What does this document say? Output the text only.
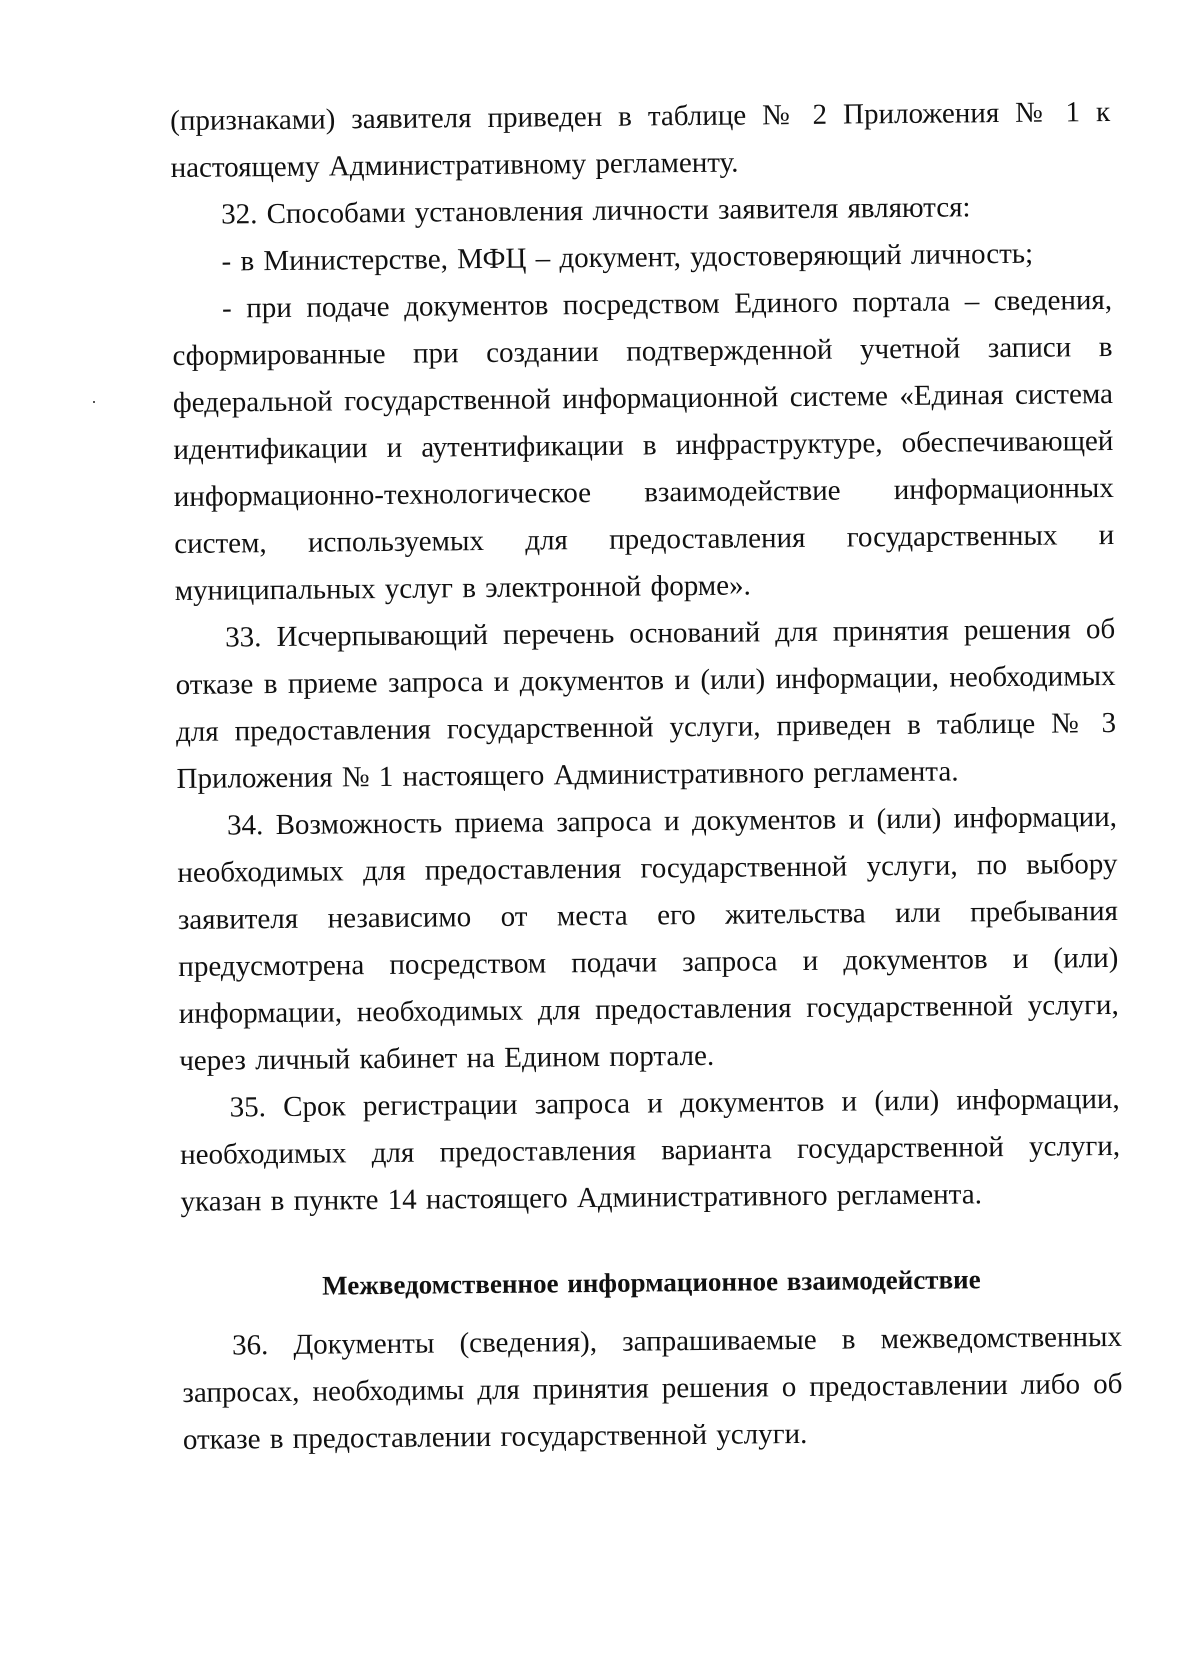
(признаками) заявителя приведен в таблице № 2 Приложения № 1 к настоящему Административному регламенту.

32. Способами установления личности заявителя являются:

- в Министерстве, МФЦ – документ, удостоверяющий личность;

- при подаче документов посредством Единого портала – сведения, сформированные при создании подтвержденной учетной записи в федеральной государственной информационной системе «Единая система идентификации и аутентификации в инфраструктуре, обеспечивающей информационно-технологическое взаимодействие информационных систем, используемых для предоставления государственных и муниципальных услуг в электронной форме».

33. Исчерпывающий перечень оснований для принятия решения об отказе в приеме запроса и документов и (или) информации, необходимых для предоставления государственной услуги, приведен в таблице № 3 Приложения № 1 настоящего Административного регламента.

34. Возможность приема запроса и документов и (или) информации, необходимых для предоставления государственной услуги, по выбору заявителя независимо от места его жительства или пребывания предусмотрена посредством подачи запроса и документов и (или) информации, необходимых для предоставления государственной услуги, через личный кабинет на Едином портале.

35. Срок регистрации запроса и документов и (или) информации, необходимых для предоставления варианта государственной услуги, указан в пункте 14 настоящего Административного регламента.

Межведомственное информационное взаимодействие

36. Документы (сведения), запрашиваемые в межведомственных запросах, необходимы для принятия решения о предоставлении либо об отказе в предоставлении государственной услуги.
